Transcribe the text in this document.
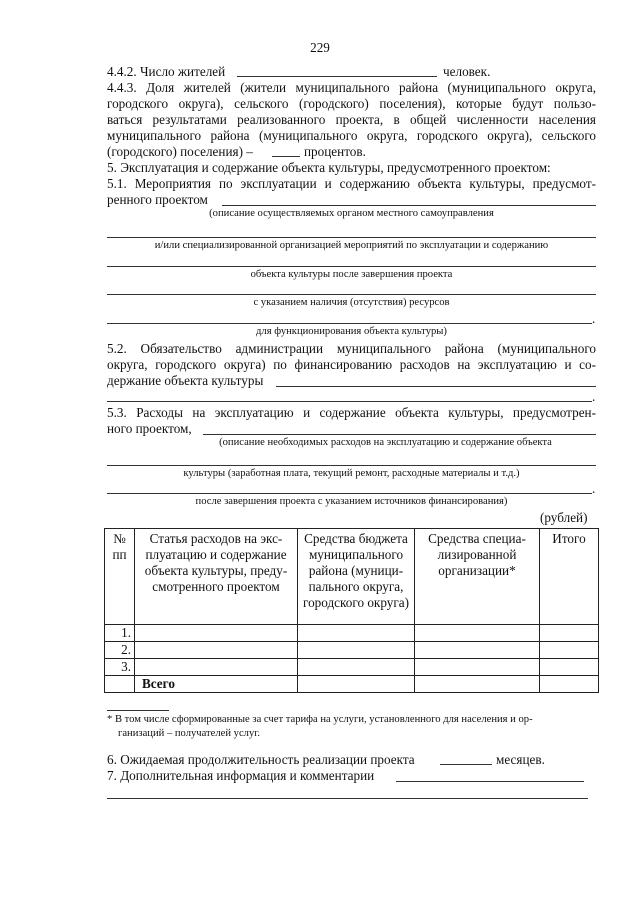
229
4.4.2. Число жителей	человек.
4.4.3. Доля жителей (жители муниципального района (муниципального округа,
городского округа), сельского (городского) поселения), которые будут пользо-
ваться результатами реализованного проекта, в общей численности населения
муниципального района (муниципального округа, городского округа), сельского
(городского) поселения) –	процентов.
5. Эксплуатация и содержание объекта культуры, предусмотренного проектом:
5.1. Мероприятия по эксплуатации и содержанию объекта культуры, предусмот-
ренного проектом
(описание осуществляемых органом местного самоуправления
и/или специализированной организацией мероприятий по эксплуатации и содержанию
объекта культуры после завершения проекта
с указанием наличия (отсутствия) ресурсов
.
для функционирования объекта культуры)
5.2. Обязательство администрации муниципального района (муниципального
округа, городского округа) по финансированию расходов на эксплуатацию и со-
держание объекта культуры
.
5.3. Расходы на эксплуатацию и содержание объекта культуры, предусмотрен-
ного проектом,
(описание необходимых расходов на эксплуатацию и содержание объекта
культуры (заработная плата, текущий ремонт, расходные материалы и т.д.)
.
после завершения проекта с указанием источников финансирования)
(рублей)
№ пп	Статья расходов на экс-плуатацию и содержание объекта культуры, преду-смотренного проектом	Средства бюджета муниципального района (муници-пального округа, городского округа)	Средства специа-лизированной организации*	Итого
1.				
2.				
3.				
	Всего			
* В том числе сформированные за счет тарифа на услуги, установленного для населения и ор-
ганизаций – получателей услуг.
6. Ожидаемая продолжительность реализации проекта	месяцев.
7. Дополнительная информация и комментарии
